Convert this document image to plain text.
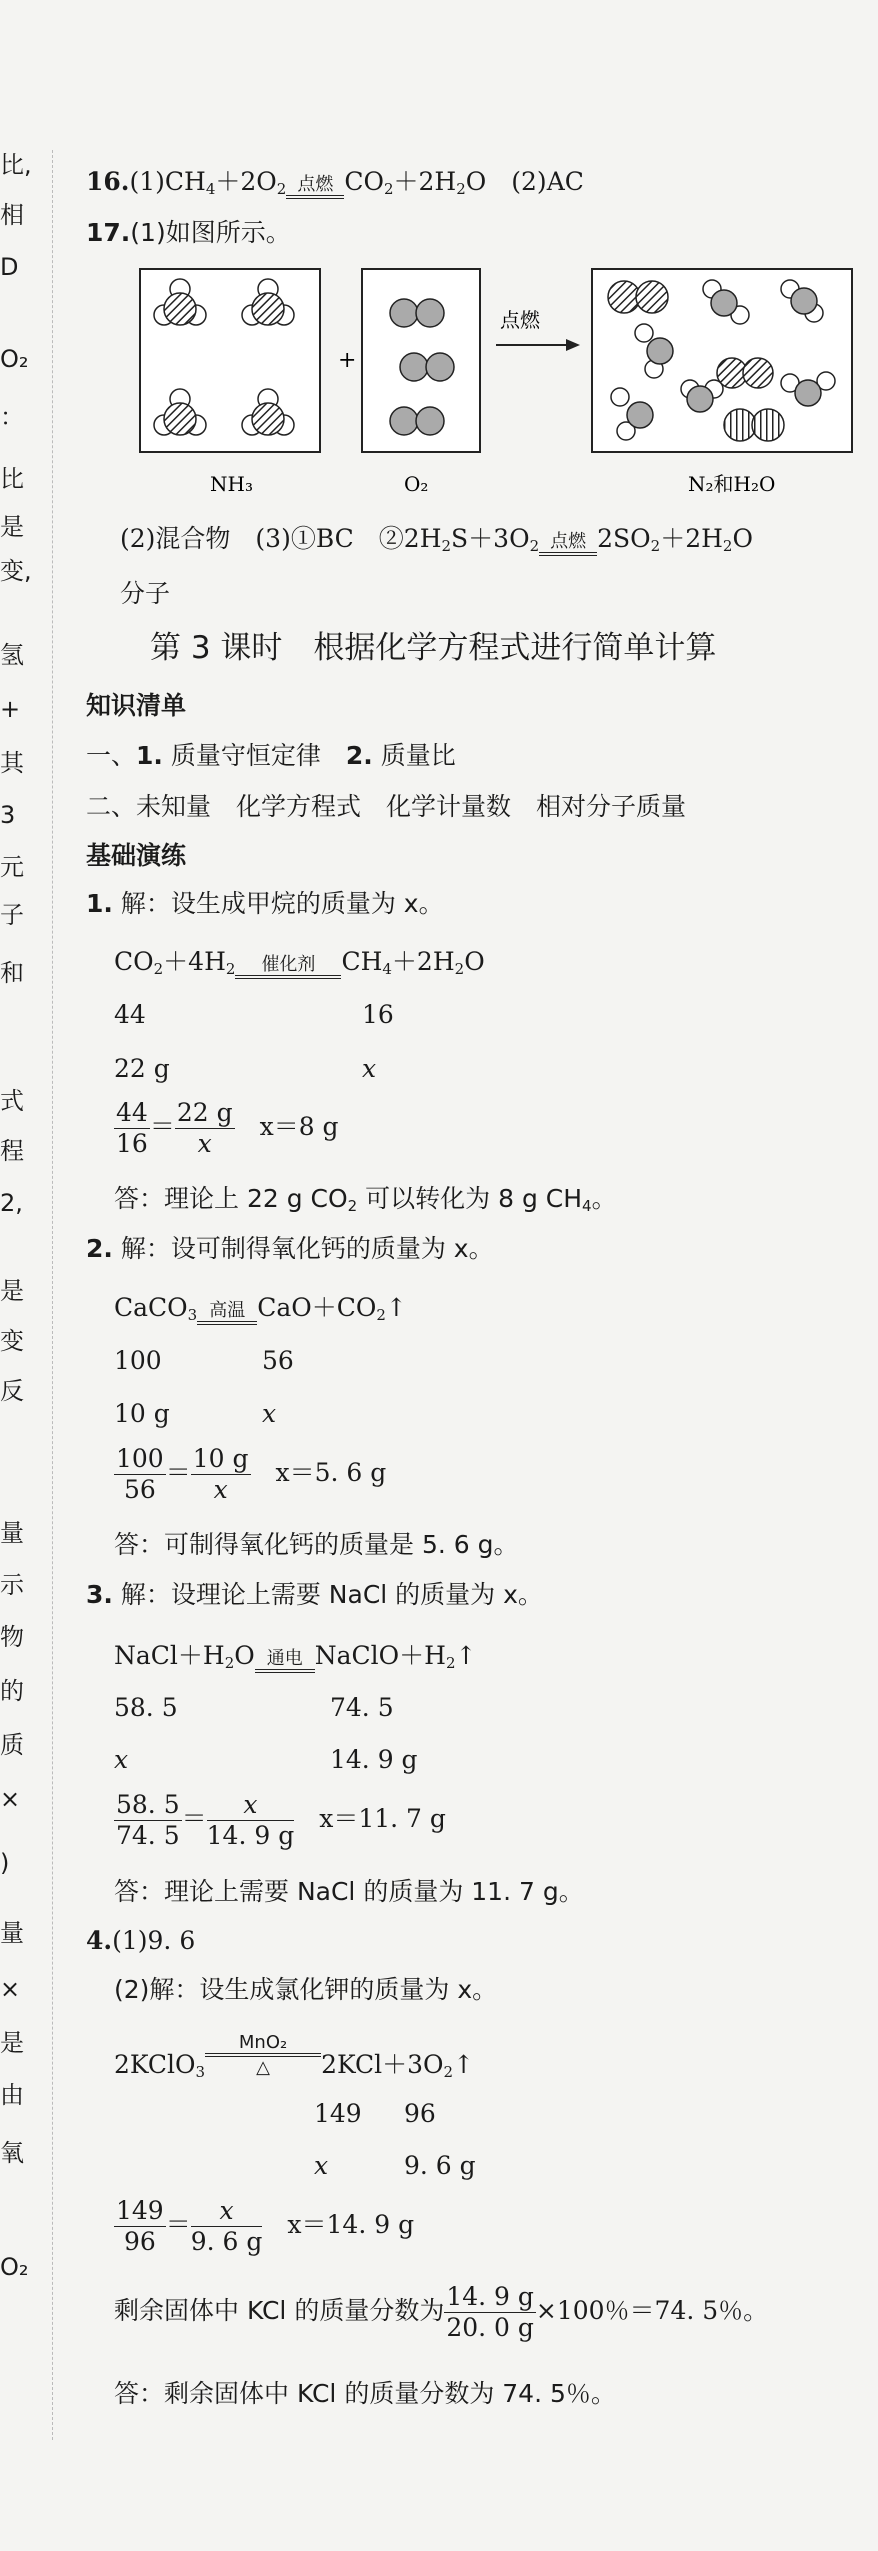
比,
相
D
O₂
：
比
是
变,
氢
+
其
3
元
子
和
式
程
2,
是
变
反
量
示
物
的
质
×
)
量
×
是
由
氧
O₂
$16.(1)CH_4+2O_2$ 点燃 $CO_2+2H_2O$　(2)AC
17.(1)如图所示。
+
点燃
NH₃	O₂	N₂和H₂O
(2)混合物　(3)①BC　$②2H_2S+3O_2$ 点燃 $2SO_2+2H_2O$
分子
第 3 课时　根据化学方程式进行简单计算
知识清单
一、1. 质量守恒定律　2. 质量比
二、未知量　化学方程式　化学计量数　相对分子质量
基础演练
1. 解：设生成甲烷的质量为 x。
$CO_2+4H_2$	催化剂	$CH_4+2H_2O$
44	16
22 g	x
$\frac{44}{16} = \frac{22 g}{x}$
　 x＝8 g
答：理论上 22 g $CO_2$ 可以转化为 8 g $CH_4$。
2. 解：设可制得氧化钙的质量为 x。
CaCO$_3$ 高温 $CaO+CO_2↑$
100	56
10 g	x
$\frac{100}{56} = \frac{10 g}{x}$
　 x＝5. 6 g
答：可制得氧化钙的质量是 5. 6 g。
3. 解：设理论上需要 NaCl 的质量为 x。
$NaCl+H_2O$ 通电 $NaClO+H_2↑$
58. 5	74. 5
x	14. 9 g
$\frac{58. 5}{74. 5} = \frac{x}{14. 9 g}$
　 x＝11. 7 g
答：理论上需要 NaCl 的质量为 11. 7 g。
4.(1)9. 6
(2)解：设生成氯化钾的质量为 x。
2KClO$_3$
MnO₂
△	$2KCl+3O_2↑$
149 96
x	9. 6 g
$\frac{149}{96} = \frac{x}{9. 6 g}$
　 x＝14. 9 g
剩余固体中 KCl 的质量分数为 $\frac{14. 9 g}{20. 0 g} \times 100$％＝74. 5％。
答：剩余固体中 KCl 的质量分数为 74. 5％。
